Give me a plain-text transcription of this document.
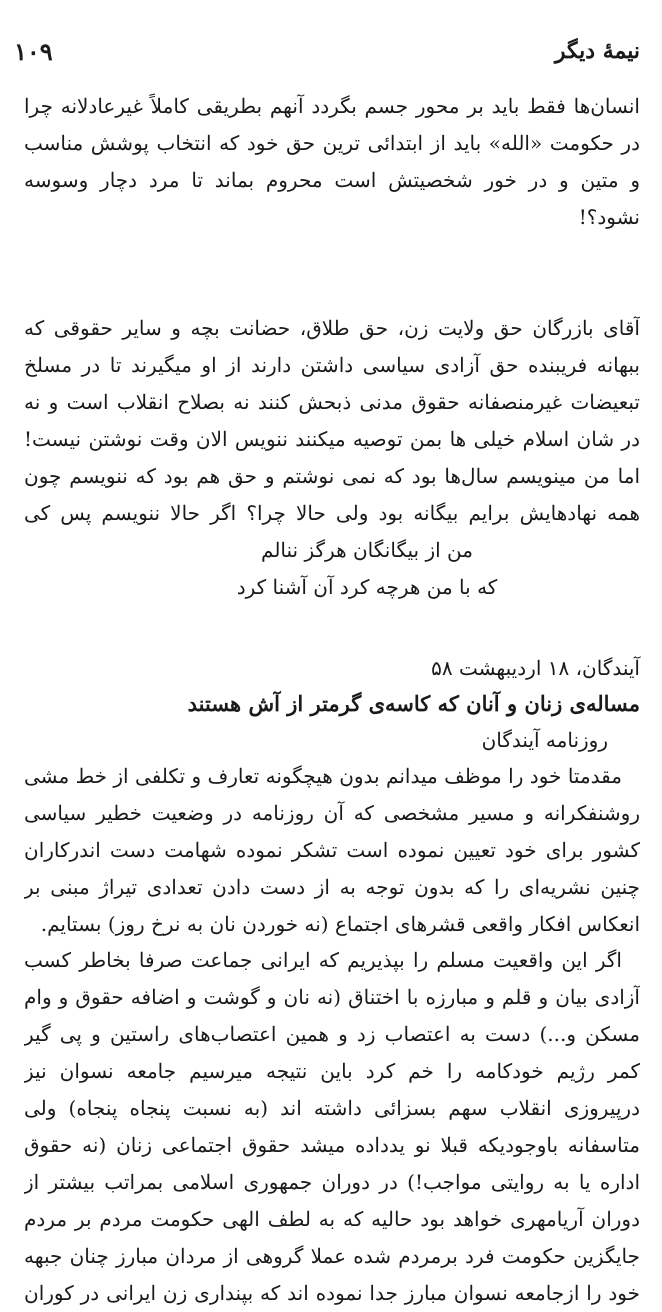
۱۰۹	نیمهٔ دیگر

انسان‌ها فقط باید بر محور جسم بگردد آنهم بطریقی کاملاً غیرعادلانه چرا در حکومت «الله» باید از ابتدائی ترین حق خود که انتخاب پوشش مناسب و متین و در خور شخصیتش است محروم بماند تا مرد دچار وسوسه نشود؟!

آقای بازرگان حق ولایت زن، حق طلاق، حضانت بچه و سایر حقوقی که ببهانه فریبنده حق آزادی سیاسی داشتن دارند از او میگیرند تا در مسلخ تبعیضات غیرمنصفانه حقوق مدنی ذبحش کنند نه بصلاح انقلاب است و نه در شان اسلام خیلی ها بمن توصیه میکنند ننویس الان وقت نوشتن نیست! اما من مینویسم سال‌ها بود که نمی نوشتم و حق هم بود که ننویسم چون همه نهادهایش برایم بیگانه بود ولی حالا چرا؟ اگر حالا ننویسم پس کی

من از بیگانگان هرگز ننالم
که با من هرچه کرد آن آشنا کرد

آیندگان، ۱۸ اردیبهشت ۵۸

مساله‌ی زنان و آنان که کاسه‌ی گرمتر از آش هستند

روزنامه آیندگان

مقدمتا خود را موظف میدانم بدون هیچگونه تعارف و تکلفی از خط مشی روشنفکرانه و مسیر مشخصی که آن روزنامه در وضعیت خطیر سیاسی کشور برای خود تعیین نموده است تشکر نموده شهامت دست اندرکاران چنین نشریه‌ای را که بدون توجه به از دست دادن تعدادی تیراژ مبنی بر انعکاس افکار واقعی قشرهای اجتماع (نه خوردن نان به نرخ روز) بستایم.

اگر این واقعیت مسلم را بپذیریم که ایرانی جماعت صرفا بخاطر کسب آزادی بیان و قلم و مبارزه با اختناق (نه نان و گوشت و اضافه حقوق و وام مسکن و...) دست به اعتصاب زد و همین اعتصاب‌های راستین و پی گیر کمر رژیم خودکامه را خم کرد باین نتیجه میرسیم جامعه نسوان نیز درپیروزی انقلاب سهم بسزائی داشته اند (به نسبت پنجاه پنجاه) ولی متاسفانه باوجودیکه قبلا نو یدداده میشد حقوق اجتماعی زنان (نه حقوق اداره یا به روایتی مواجب!) در دوران جمهوری اسلامی بمراتب بیشتر از دوران آریامهری خواهد بود حالیه که به لطف الهی حکومت مردم بر مردم جایگزین حکومت فرد برمردم شده عملا گروهی از مردان مبارز چنان جبهه خود را ازجامعه نسوان مبارز جدا نموده اند که بپنداری زن ایرانی در کوران
